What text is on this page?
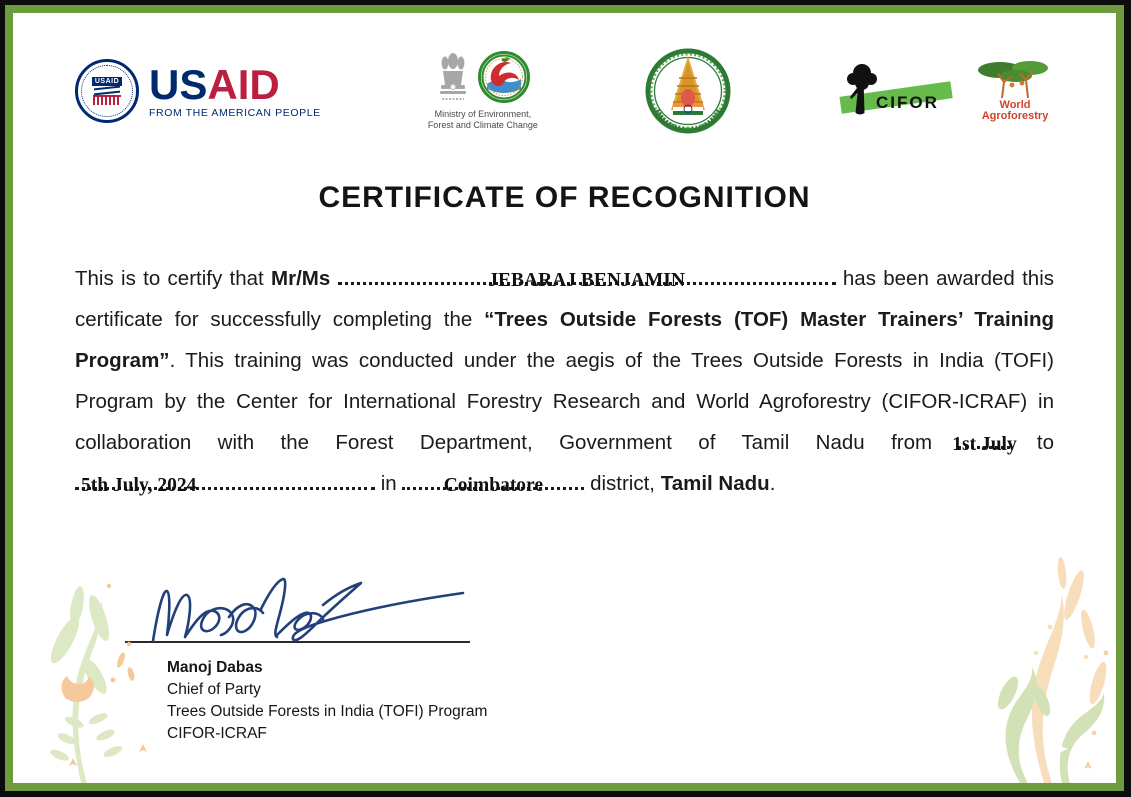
USAID USAID
FROM THE AMERICAN PEOPLE	Ministry of Environment,
Forest and Climate Change
CIFOR	World
Agroforestry
CERTIFICATE OF RECOGNITION

This is to certify that Mr/Ms	JEBARAJ BENJAMIN	has been awarded this certificate for successfully completing the “Trees Outside Forests (TOF) Master Trainers’ Training Program”. This training was conducted under the aegis of the Trees Outside Forests in India (TOFI) Program by the Center for International Forestry Research and World Agroforestry (CIFOR-ICRAF) in collaboration with the Forest Department, Government of Tamil Nadu from 1st July to
5th July, 2024	in Coimbatore district, Tamil Nadu.

Manoj Dabas
Chief of Party
Trees Outside Forests in India (TOFI) Program
CIFOR-ICRAF
